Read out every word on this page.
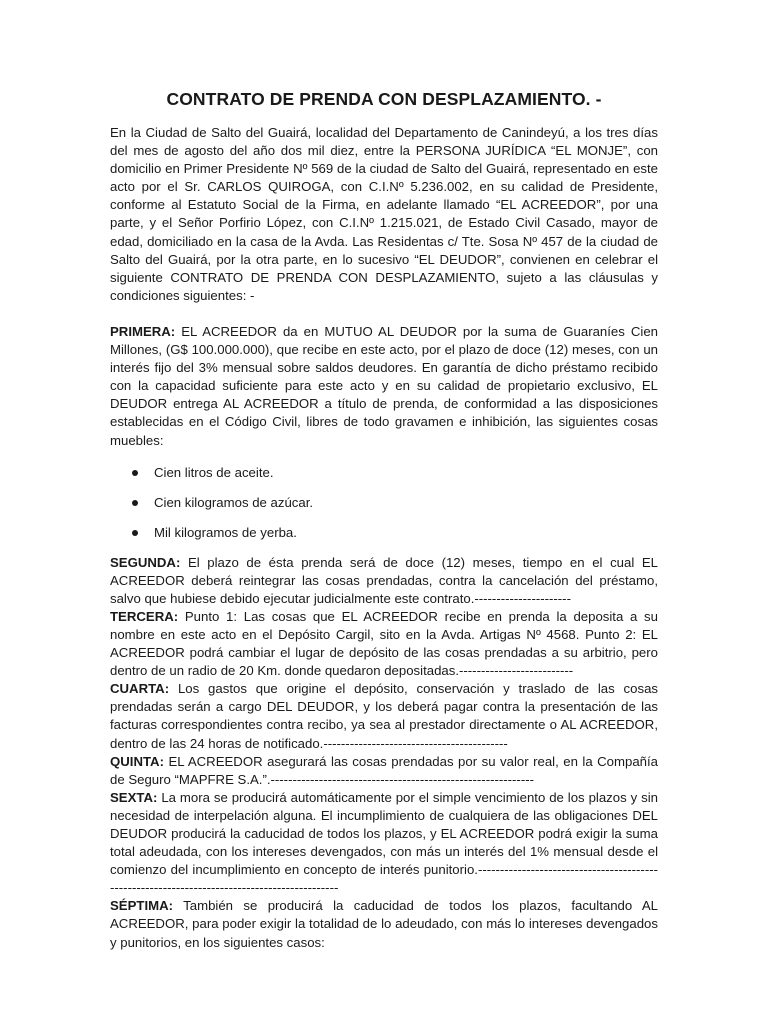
CONTRATO DE PRENDA CON DESPLAZAMIENTO. -

En la Ciudad de Salto del Guairá, localidad del Departamento de Canindeyú, a los tres días del mes de agosto del año dos mil diez, entre la PERSONA JURÍDICA “EL MONJE”, con domicilio en Primer Presidente Nº 569 de la ciudad de Salto del Guairá, representado en este acto por el Sr. CARLOS QUIROGA, con C.I.Nº 5.236.002, en su calidad de Presidente, conforme al Estatuto Social de la Firma, en adelante llamado “EL ACREEDOR”, por una parte, y el Señor Porfirio López, con C.I.Nº 1.215.021, de Estado Civil Casado, mayor de edad, domiciliado en la casa de la Avda. Las Residentas c/ Tte. Sosa Nº 457 de la ciudad de Salto del Guairá, por la otra parte, en lo sucesivo “EL DEUDOR”, convienen en celebrar el siguiente CONTRATO DE PRENDA CON DESPLAZAMIENTO, sujeto a las cláusulas y condiciones siguientes: -

PRIMERA: EL ACREEDOR da en MUTUO AL DEUDOR por la suma de Guaraníes Cien Millones, (G$ 100.000.000), que recibe en este acto, por el plazo de doce (12) meses, con un interés fijo del 3% mensual sobre saldos deudores. En garantía de dicho préstamo recibido con la capacidad suficiente para este acto y en su calidad de propietario exclusivo, EL DEUDOR entrega AL ACREEDOR a título de prenda, de conformidad a las disposiciones establecidas en el Código Civil, libres de todo gravamen e inhibición, las siguientes cosas muebles:

Cien litros de aceite.
Cien kilogramos de azúcar.
Mil kilogramos de yerba.

SEGUNDA: El plazo de ésta prenda será de doce (12) meses, tiempo en el cual EL ACREEDOR deberá reintegrar las cosas prendadas, contra la cancelación del préstamo, salvo que hubiese debido ejecutar judicialmente este contrato.----------------------

TERCERA: Punto 1: Las cosas que EL ACREEDOR recibe en prenda la deposita a su nombre en este acto en el Depósito Cargil, sito en la Avda. Artigas Nº 4568. Punto 2: EL ACREEDOR podrá cambiar el lugar de depósito de las cosas prendadas a su arbitrio, pero dentro de un radio de 20 Km. donde quedaron depositadas.--------------------------

CUARTA: Los gastos que origine el depósito, conservación y traslado de las cosas prendadas serán a cargo DEL DEUDOR, y los deberá pagar contra la presentación de las facturas correspondientes contra recibo, ya sea al prestador directamente o AL ACREEDOR, dentro de las 24 horas de notificado.------------------------------------------

QUINTA: EL ACREEDOR asegurará las cosas prendadas por su valor real, en la Compañía de Seguro “MAPFRE S.A.”.------------------------------------------------------------

SEXTA: La mora se producirá automáticamente por el simple vencimiento de los plazos y sin necesidad de interpelación alguna. El incumplimiento de cualquiera de las obligaciones DEL DEUDOR producirá la caducidad de todos los plazos, y EL ACREEDOR podrá exigir la suma total adeudada, con los intereses devengados, con más un interés del 1% mensual desde el comienzo del incumplimiento en concepto de interés punitorio.---------------------------------------------------------------------------------------------

SÉPTIMA: También se producirá la caducidad de todos los plazos, facultando AL ACREEDOR, para poder exigir la totalidad de lo adeudado, con más lo intereses devengados y punitorios, en los siguientes casos:
